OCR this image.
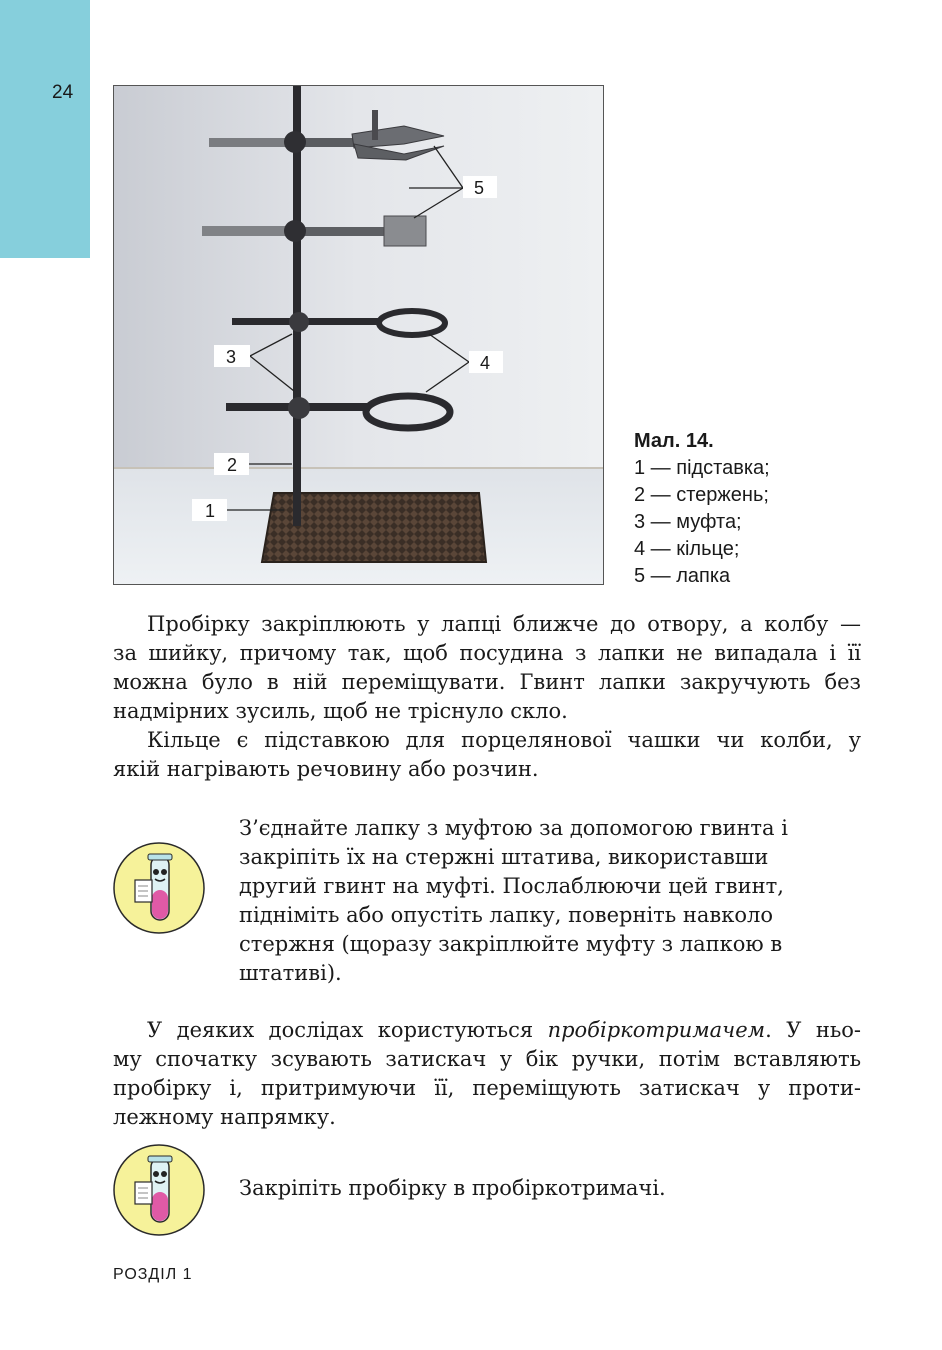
24
5
3	4
2
1
Мал. 14.
1 — підставка;
2 — стержень;
3 — муфта;
4 — кільце;
5 — лапка

Пробірку закріплюють у лапці ближче до отвору, а колбу —
за шийку, причому так, щоб посудина з лапки не випадала і її
можна було в ній переміщувати. Гвинт лапки закручують без
надмірних зусиль, щоб не тріснуло скло.

Кільце є підставкою для порцелянової чашки чи колби, у
якій нагрівають речовину або розчин.

З’єднайте лапку з муфтою за допомогою гвинта і
закріпіть їх на стержні штатива, використавши
другий гвинт на муфті. Послаблюючи цей гвинт,
підніміть або опустіть лапку, поверніть навколо
стержня (щоразу закріплюйте муфту з лапкою в
штативі).

У деяких дослідах користуються пробіркотримачем. У ньо-
му спочатку зсувають затискач у бік ручки, потім вставляють
пробірку і, притримуючи її, переміщують затискач у проти-
лежному напрямку.

Закріпіть пробірку в пробіркотримачі.
РОЗДІЛ 1
